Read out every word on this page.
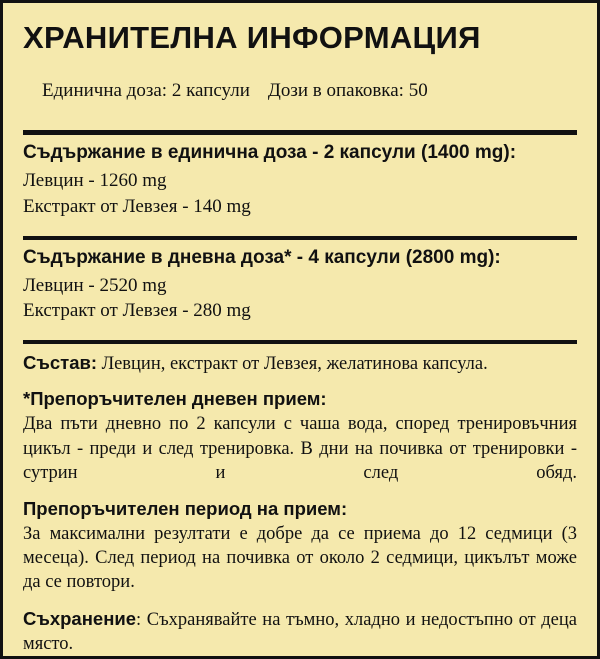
ХРАНИТЕЛНА ИНФОРМАЦИЯ

Единична доза: 2 капсули Дози в опаковка: 50

Съдържание в единична доза - 2 капсули (1400 mg):
Левцин - 1260 mg
Екстракт от Левзея - 140 mg
Съдържание в дневна доза* - 4 капсули (2800 mg):
Левцин - 2520 mg
Екстракт от Левзея - 280 mg
Състав: Левцин, екстракт от Левзея, желатинова капсула.
*Препоръчителен дневен прием:
Два пъти дневно по 2 капсули с чаша вода, според тренировъчния цикъл - преди и след тренировка. В дни на почивка от тренировки - сутрин и след обяд.
Препоръчителен период на прием:
За максимални резултати е добре да се приема до 12 седмици (3 месеца). След период на почивка от около 2 седмици, цикълът може да се повтори.
Съхранение: Съхранявайте на тъмно, хладно и недостъпно от деца място.
